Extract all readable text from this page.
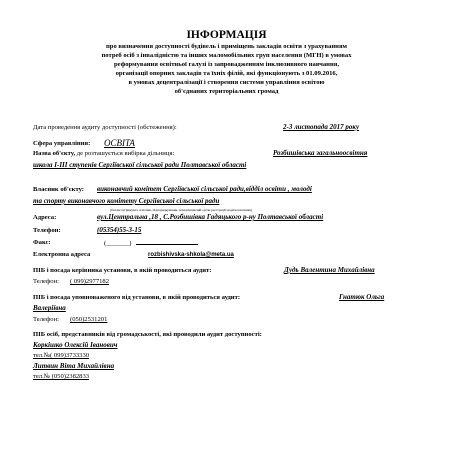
ІНФОРМАЦІЯ
про визначення доступності будівель і приміщень закладів освіти з урахуванням
потреб осіб з інвалідністю та інших маломобільних груп населення (МГН) в умовах
реформування освітньої галузі із запровадженням інклюзивного навчання,
організації опорних закладів та їхніх філій, які функціонують з 01.09.2016,
в умовах децентралізації і створення системи управління освітою
об'єднаних територіальних громад
Дата проведення аудиту доступності (обстеження):	2-3 листопада 2017 року
Сфера управління: ОСВІТА
Назва об'єкту, де розташується вибірка дільниця:	Розбишівська загальноосвітня
школа І-ІІІ ступенів Сергіївської сільської ради Полтавської області
Власник об'єкту: виконавчий комітет Сергіївської сільської ради,відділ освіти , молоді
та спорту виконавчого комітету Сергіївської сільської ради
(балансоутримувач, власник, підпорядкування, повідомляючий орган реєстрації податкоплатника)
Адреса:	вул.Центральна ,18 , С.Розбишівка Гадяцького р-ну Полтавської області
Телефон:	(05354)55-3-15
Факс:	(_______)
Електронна адреса	rozbishivska-shkola@meta.ua
ПІБ і посада керівника установи, в якій проводиться аудит:	Дудь Валентина Михайлівна
Телефон: ( 099)2977182
ПІБ і посада уповноваженого від установи, в якій проводиться аудит:	Гнатюк Ольга
Валеріївна
Телефон: (050)2531201
ПІБ осіб, представників від громадськості, які проводили аудит доступності:
Коркішко Олексій Іванович
тел.№( 099)3733330
Литвин Віта Михайлівна
тел.№ (050)2382833
